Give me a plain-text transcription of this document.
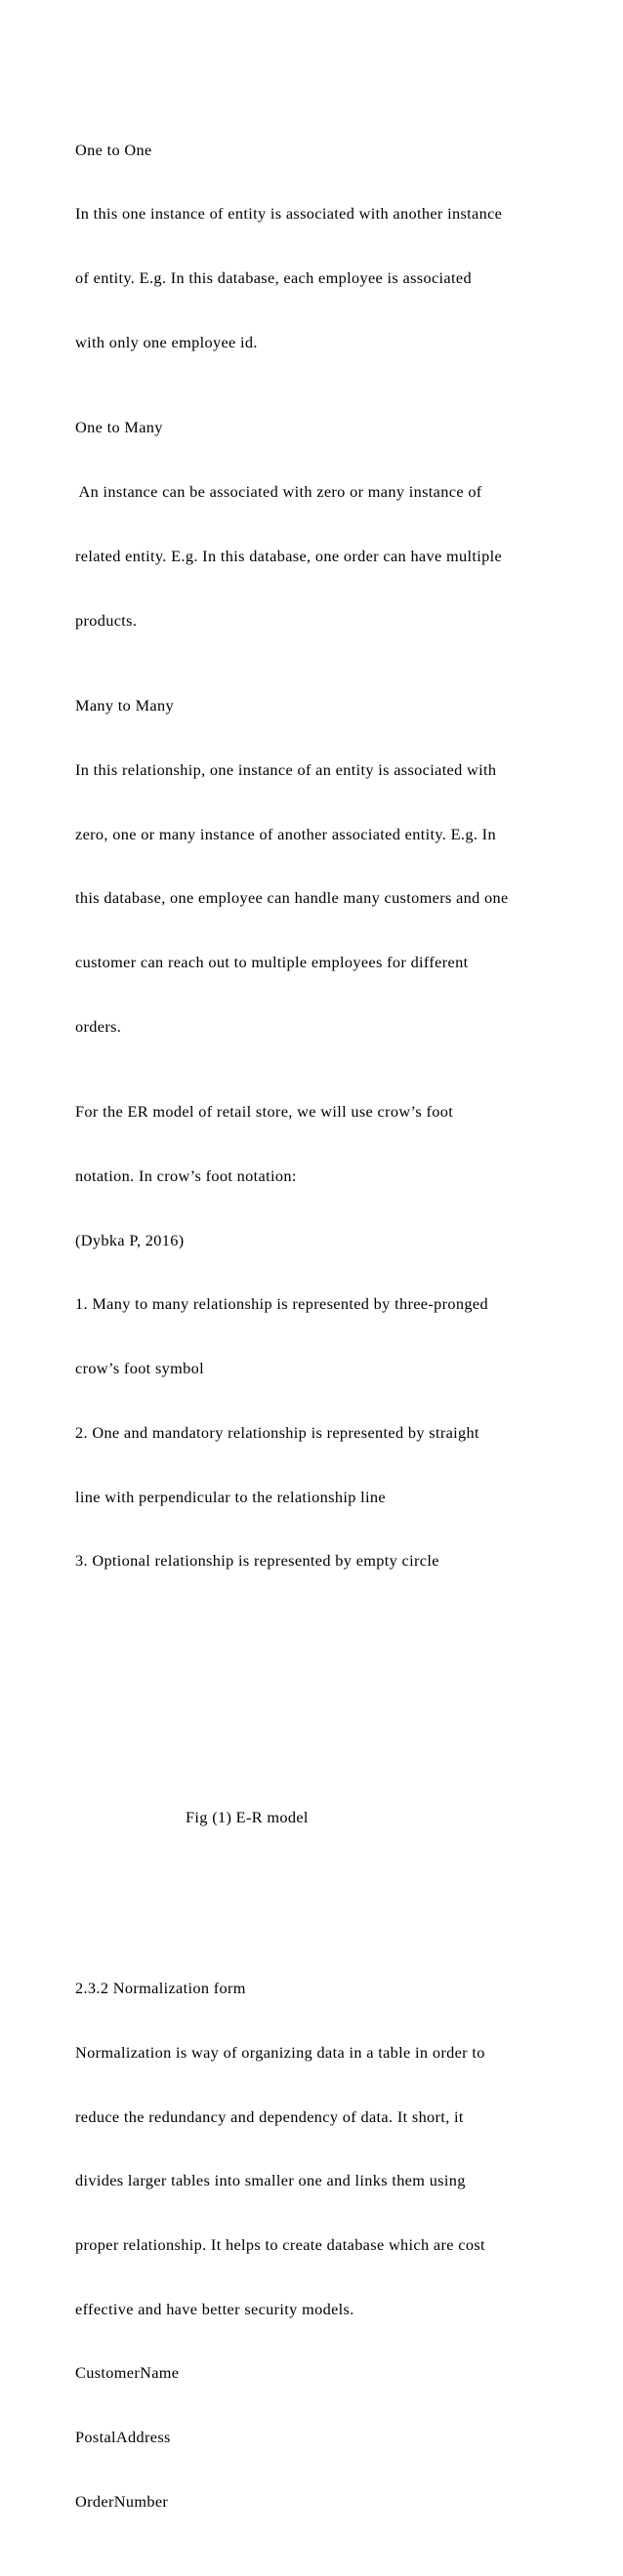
One to One

In this one instance of entity is associated with another instance

of entity. E.g. In this database, each employee is associated

with only one employee id.

One to Many

An instance can be associated with zero or many instance of

related entity. E.g. In this database, one order can have multiple

products.

Many to Many

In this relationship, one instance of an entity is associated with

zero, one or many instance of another associated entity. E.g. In

this database, one employee can handle many customers and one

customer can reach out to multiple employees for different

orders.

For the ER model of retail store, we will use crow’s foot

notation. In crow’s foot notation:

(Dybka P, 2016)

1. Many to many relationship is represented by three-pronged

crow’s foot symbol

2. One and mandatory relationship is represented by straight

line with perpendicular to the relationship line

3. Optional relationship is represented by empty circle

Fig (1) E-R model

2.3.2 Normalization form

Normalization is way of organizing data in a table in order to

reduce the redundancy and dependency of data. It short, it

divides larger tables into smaller one and links them using

proper relationship. It helps to create database which are cost

effective and have better security models.

CustomerName

PostalAddress

OrderNumber
